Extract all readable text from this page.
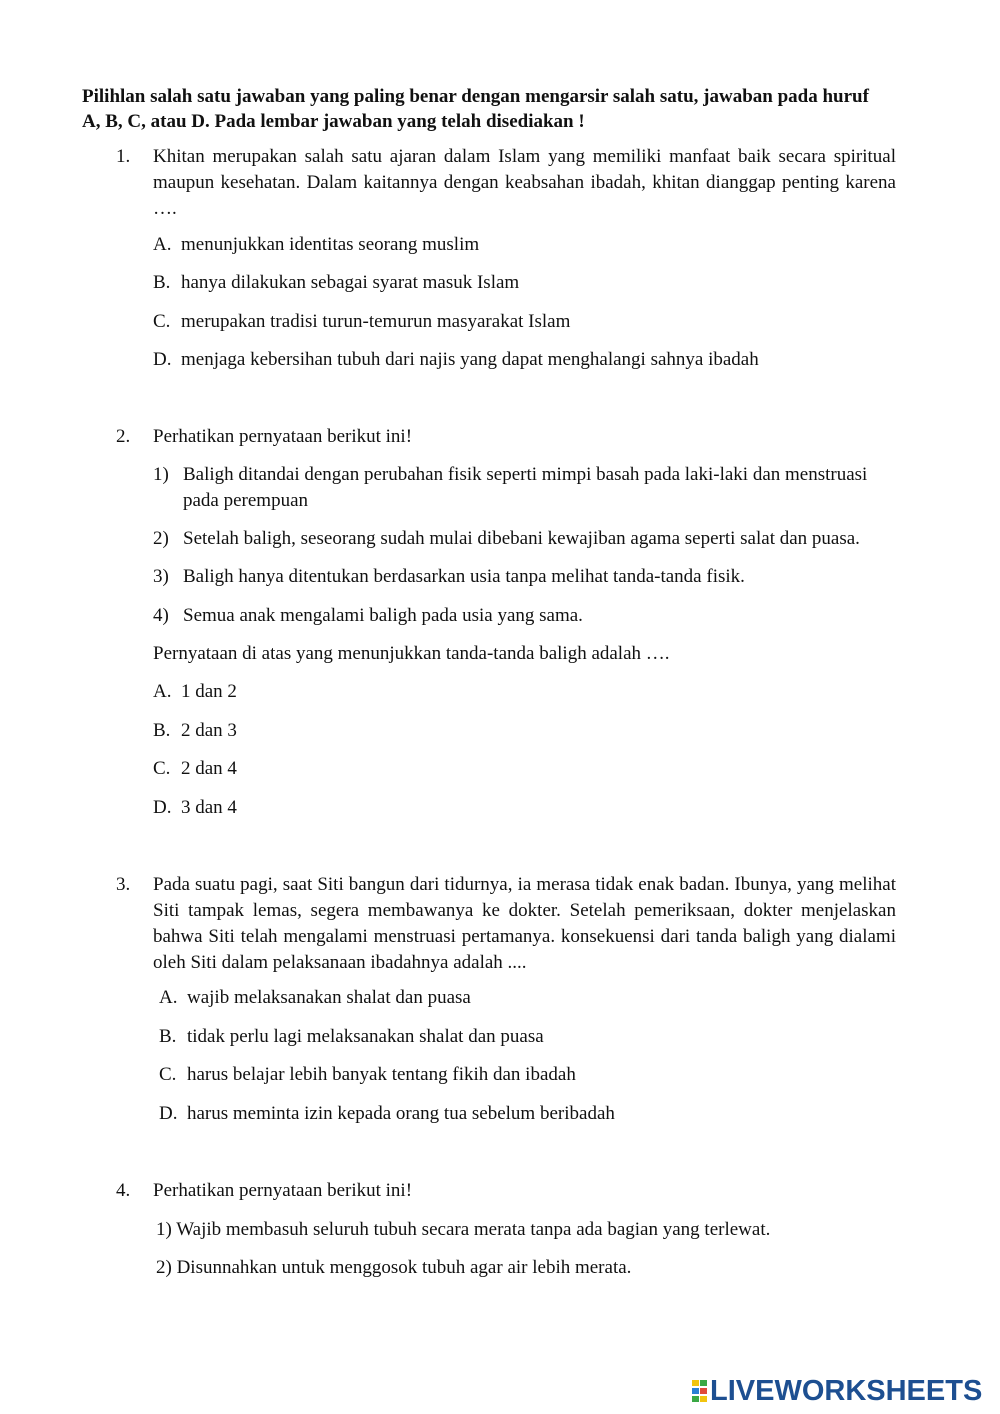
Pilihlan salah satu jawaban yang paling benar dengan mengarsir salah satu, jawaban pada huruf A, B, C, atau D. Pada lembar jawaban yang telah disediakan !
1. Khitan merupakan salah satu ajaran dalam Islam yang memiliki manfaat baik secara spiritual maupun kesehatan. Dalam kaitannya dengan keabsahan ibadah, khitan dianggap penting karena ….
A. menunjukkan identitas seorang muslim
B. hanya dilakukan sebagai syarat masuk Islam
C. merupakan tradisi turun-temurun masyarakat Islam
D. menjaga kebersihan tubuh dari najis yang dapat menghalangi sahnya ibadah
2. Perhatikan pernyataan berikut ini!
1) Baligh ditandai dengan perubahan fisik seperti mimpi basah pada laki-laki dan menstruasi pada perempuan
2) Setelah baligh, seseorang sudah mulai dibebani kewajiban agama seperti salat dan puasa.
3) Baligh hanya ditentukan berdasarkan usia tanpa melihat tanda-tanda fisik.
4) Semua anak mengalami baligh pada usia yang sama.
Pernyataan di atas yang menunjukkan tanda-tanda baligh adalah ….
A. 1 dan 2
B. 2 dan 3
C. 2 dan 4
D. 3 dan 4
3. Pada suatu pagi, saat Siti bangun dari tidurnya, ia merasa tidak enak badan. Ibunya, yang melihat Siti tampak lemas, segera membawanya ke dokter. Setelah pemeriksaan, dokter menjelaskan bahwa Siti telah mengalami menstruasi pertamanya. konsekuensi dari tanda baligh yang dialami oleh Siti dalam pelaksanaan ibadahnya adalah ....
A. wajib melaksanakan shalat dan puasa
B. tidak perlu lagi melaksanakan shalat dan puasa
C. harus belajar lebih banyak tentang fikih dan ibadah
D. harus meminta izin kepada orang tua sebelum beribadah
4. Perhatikan pernyataan berikut ini!
1) Wajib membasuh seluruh tubuh secara merata tanpa ada bagian yang terlewat.
2) Disunnahkan untuk menggosok tubuh agar air lebih merata.
LIVEWORKSHEETS
